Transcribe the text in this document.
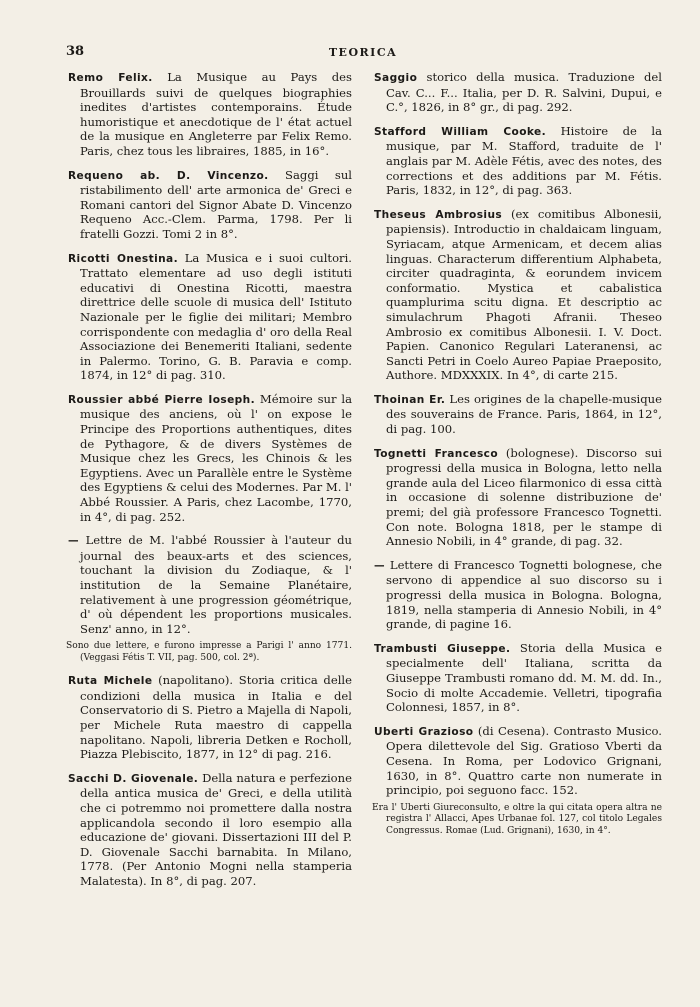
38	TEORICA

Remo Felix. La Musique au Pays des Brouillards suivi de quelques biographies inedites d'artistes contemporains. Étude humoristique et anecdotique de l' état actuel de la musique en Angleterre par Felix Remo. Paris, chez tous les libraires, 1885, in 16°.

Requeno ab. D. Vincenzo. Saggi sul ristabilimento dell' arte armonica de' Greci e Romani cantori del Signor Abate D. Vincenzo Requeno Acc.-Clem. Parma, 1798. Per li fratelli Gozzi. Tomi 2 in 8°.

Ricotti Onestina. La Musica e i suoi cultori. Trattato elementare ad uso degli istituti educativi di Onestina Ricotti, maestra direttrice delle scuole di musica dell' Istituto Nazionale per le figlie dei militari; Membro corrispondente con medaglia d' oro della Real Associazione dei Benemeriti Italiani, sedente in Palermo. Torino, G. B. Paravia e comp. 1874, in 12° di pag. 310.

Roussier abbé Pierre Ioseph. Mémoire sur la musique des anciens, où l' on expose le Principe des Proportions authentiques, dites de Pythagore, & de divers Systèmes de Musique chez les Grecs, les Chinois & les Egyptiens. Avec un Parallèle entre le Système des Egyptiens & celui des Modernes. Par M. l' Abbé Roussier. A Paris, chez Lacombe, 1770, in 4°, di pag. 252.

— Lettre de M. l'abbé Roussier à l'auteur du journal des beaux-arts et des sciences, touchant la division du Zodiaque, & l' institution de la Semaine Planétaire, relativement à une progression géométrique, d' où dépendent les proportions musicales. Senz' anno, in 12°.

Sono due lettere, e furono impresse a Parigi l' anno 1771. (Veggasi Fétis T. VII, pag. 500, col. 2ª).

Ruta Michele (napolitano). Storia critica delle condizioni della musica in Italia e del Conservatorio di S. Pietro a Majella di Napoli, per Michele Ruta maestro di cappella napolitano. Napoli, libreria Detken e Rocholl, Piazza Plebiscito, 1877, in 12° di pag. 216.

Sacchi D. Giovenale. Della natura e perfezione della antica musica de' Greci, e della utilità che ci potremmo noi promettere dalla nostra applicandola secondo il loro esempio alla educazione de' giovani. Dissertazioni III del P. D. Giovenale Sacchi barnabita. In Milano, 1778. (Per Antonio Mogni nella stamperia Malatesta). In 8°, di pag. 207.

Saggio storico della musica. Traduzione del Cav. C... F... Italia, per D. R. Salvini, Dupui, e C.°, 1826, in 8° gr., di pag. 292.

Stafford William Cooke. Histoire de la musique, par M. Stafford, traduite de l' anglais par M. Adèle Fétis, avec des notes, des corrections et des additions par M. Fétis. Paris, 1832, in 12°, di pag. 363.

Theseus Ambrosius (ex comitibus Albonesii, papiensis). Introductio in chaldaicam linguam, Syriacam, atque Armenicam, et decem alias linguas. Characterum differentium Alphabeta, circiter quadraginta, & eorundem invicem conformatio. Mystica et cabalistica quamplurima scitu digna. Et descriptio ac simulachrum Phagoti Afranii. Theseo Ambrosio ex comitibus Albonesii. I. V. Doct. Papien. Canonico Regulari Lateranensi, ac Sancti Petri in Coelo Aureo Papiae Praeposito, Authore. MDXXXIX. In 4°, di carte 215.

Thoinan Er. Les origines de la chapelle-musique des souverains de France. Paris, 1864, in 12°, di pag. 100.

Tognetti Francesco (bolognese). Discorso sui progressi della musica in Bologna, letto nella grande aula del Liceo filarmonico di essa città in occasione di solenne distribuzione de' premi; del già professore Francesco Tognetti. Con note. Bologna 1818, per le stampe di Annesio Nobili, in 4° grande, di pag. 32.

— Lettere di Francesco Tognetti bolognese, che servono di appendice al suo discorso su i progressi della musica in Bologna. Bologna, 1819, nella stamperia di Annesio Nobili, in 4° grande, di pagine 16.

Trambusti Giuseppe. Storia della Musica e specialmente dell' Italiana, scritta da Giuseppe Trambusti romano dd. M. M. dd. In., Socio di molte Accademie. Velletri, tipografia Colonnesi, 1857, in 8°.

Uberti Grazioso (di Cesena). Contrasto Musico. Opera dilettevole del Sig. Gratioso Vberti da Cesena. In Roma, per Lodovico Grignani, 1630, in 8°. Quattro carte non numerate in principio, poi seguono facc. 152.

Era l' Uberti Giureconsulto, e oltre la qui citata opera altra ne registra l' Allacci, Apes Urbanae fol. 127, col titolo Legales Congressus. Romae (Lud. Grignani), 1630, in 4°.
